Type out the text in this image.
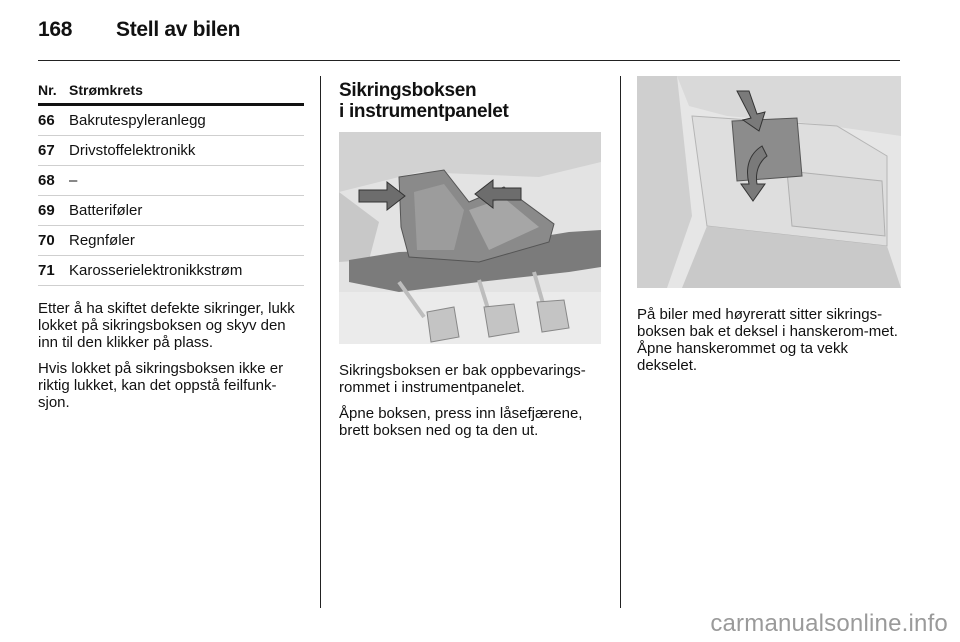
168 Stell av bilen
Nr. Strømkrets
66 Bakrutespyleranlegg
67 Drivstoffelektronikk
68 –
69 Batteriføler
70 Regnføler
71 Karosserielektronikkstrøm

Etter å ha skiftet defekte sikringer, lukk lokket på sikringsboksen og skyv den inn til den klikker på plass.

Hvis lokket på sikringsboksen ikke er riktig lukket, kan det oppstå feilfunk-sjon.

Sikringsboksen
i instrumentpanelet

Sikringsboksen er bak oppbevarings-rommet i instrumentpanelet.

Åpne boksen, press inn låsefjærene, brett boksen ned og ta den ut.

På biler med høyreratt sitter sikrings-boksen bak et deksel i hanskerom-met. Åpne hanskerommet og ta vekk dekselet.

carmanualsonline.info
